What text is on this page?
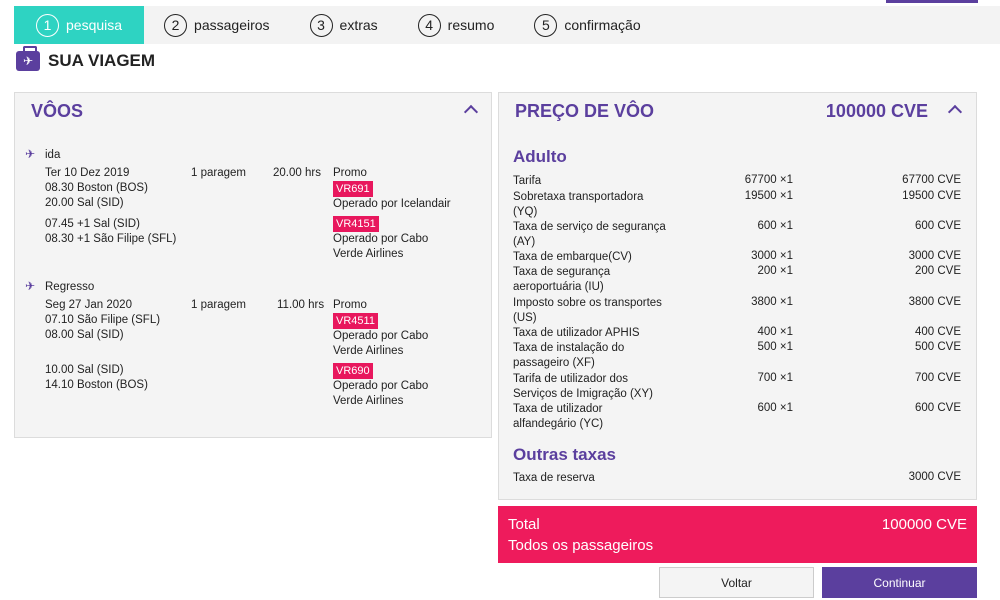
1	pesquisa	2	passageiros	3	extras	4	resumo	5	confirmação
✈ SUA VIAGEM
VÔOS
✈ ida
Ter 10 Dez 2019	1 paragem 20.00 hrs Promo
08.30 Boston (BOS)	VR691
20.00 Sal (SID)	Operado por Icelandair
07.45 +1 Sal (SID)	VR4151
08.30 +1 São Filipe (SFL)	Operado por Cabo
Verde Airlines
✈ Regresso
Seg 27 Jan 2020	1 paragem	11.00 hrs Promo
07.10 São Filipe (SFL)	VR4511
08.00 Sal (SID)	Operado por Cabo
Verde Airlines
10.00 Sal (SID)	VR690
14.10 Boston (BOS)	Operado por Cabo
Verde Airlines
PREÇO DE VÔO	100000 CVE
Adulto
Tarifa	67700 ×1	67700 CVE
Sobretaxa transportadora
(YQ)
19500 ×1	19500 CVE
Taxa de serviço de segurança
(AY)
600 ×1	600 CVE
Taxa de embarque(CV)	3000 ×1	3000 CVE
Taxa de segurança
aeroportuária (IU)
200 ×1	200 CVE
Imposto sobre os transportes
(US)
3800 ×1	3800 CVE
Taxa de utilizador APHIS	400 ×1	400 CVE
Taxa de instalação do
passageiro (XF)
500 ×1	500 CVE
Tarifa de utilizador dos
Serviços de Imigração (XY)
700 ×1	700 CVE
Taxa de utilizador
alfandegário (YC)
600 ×1	600 CVE
Outras taxas
Taxa de reserva	3000 CVE
Total
Todos os passageiros
100000 CVE
Voltar	Continuar
